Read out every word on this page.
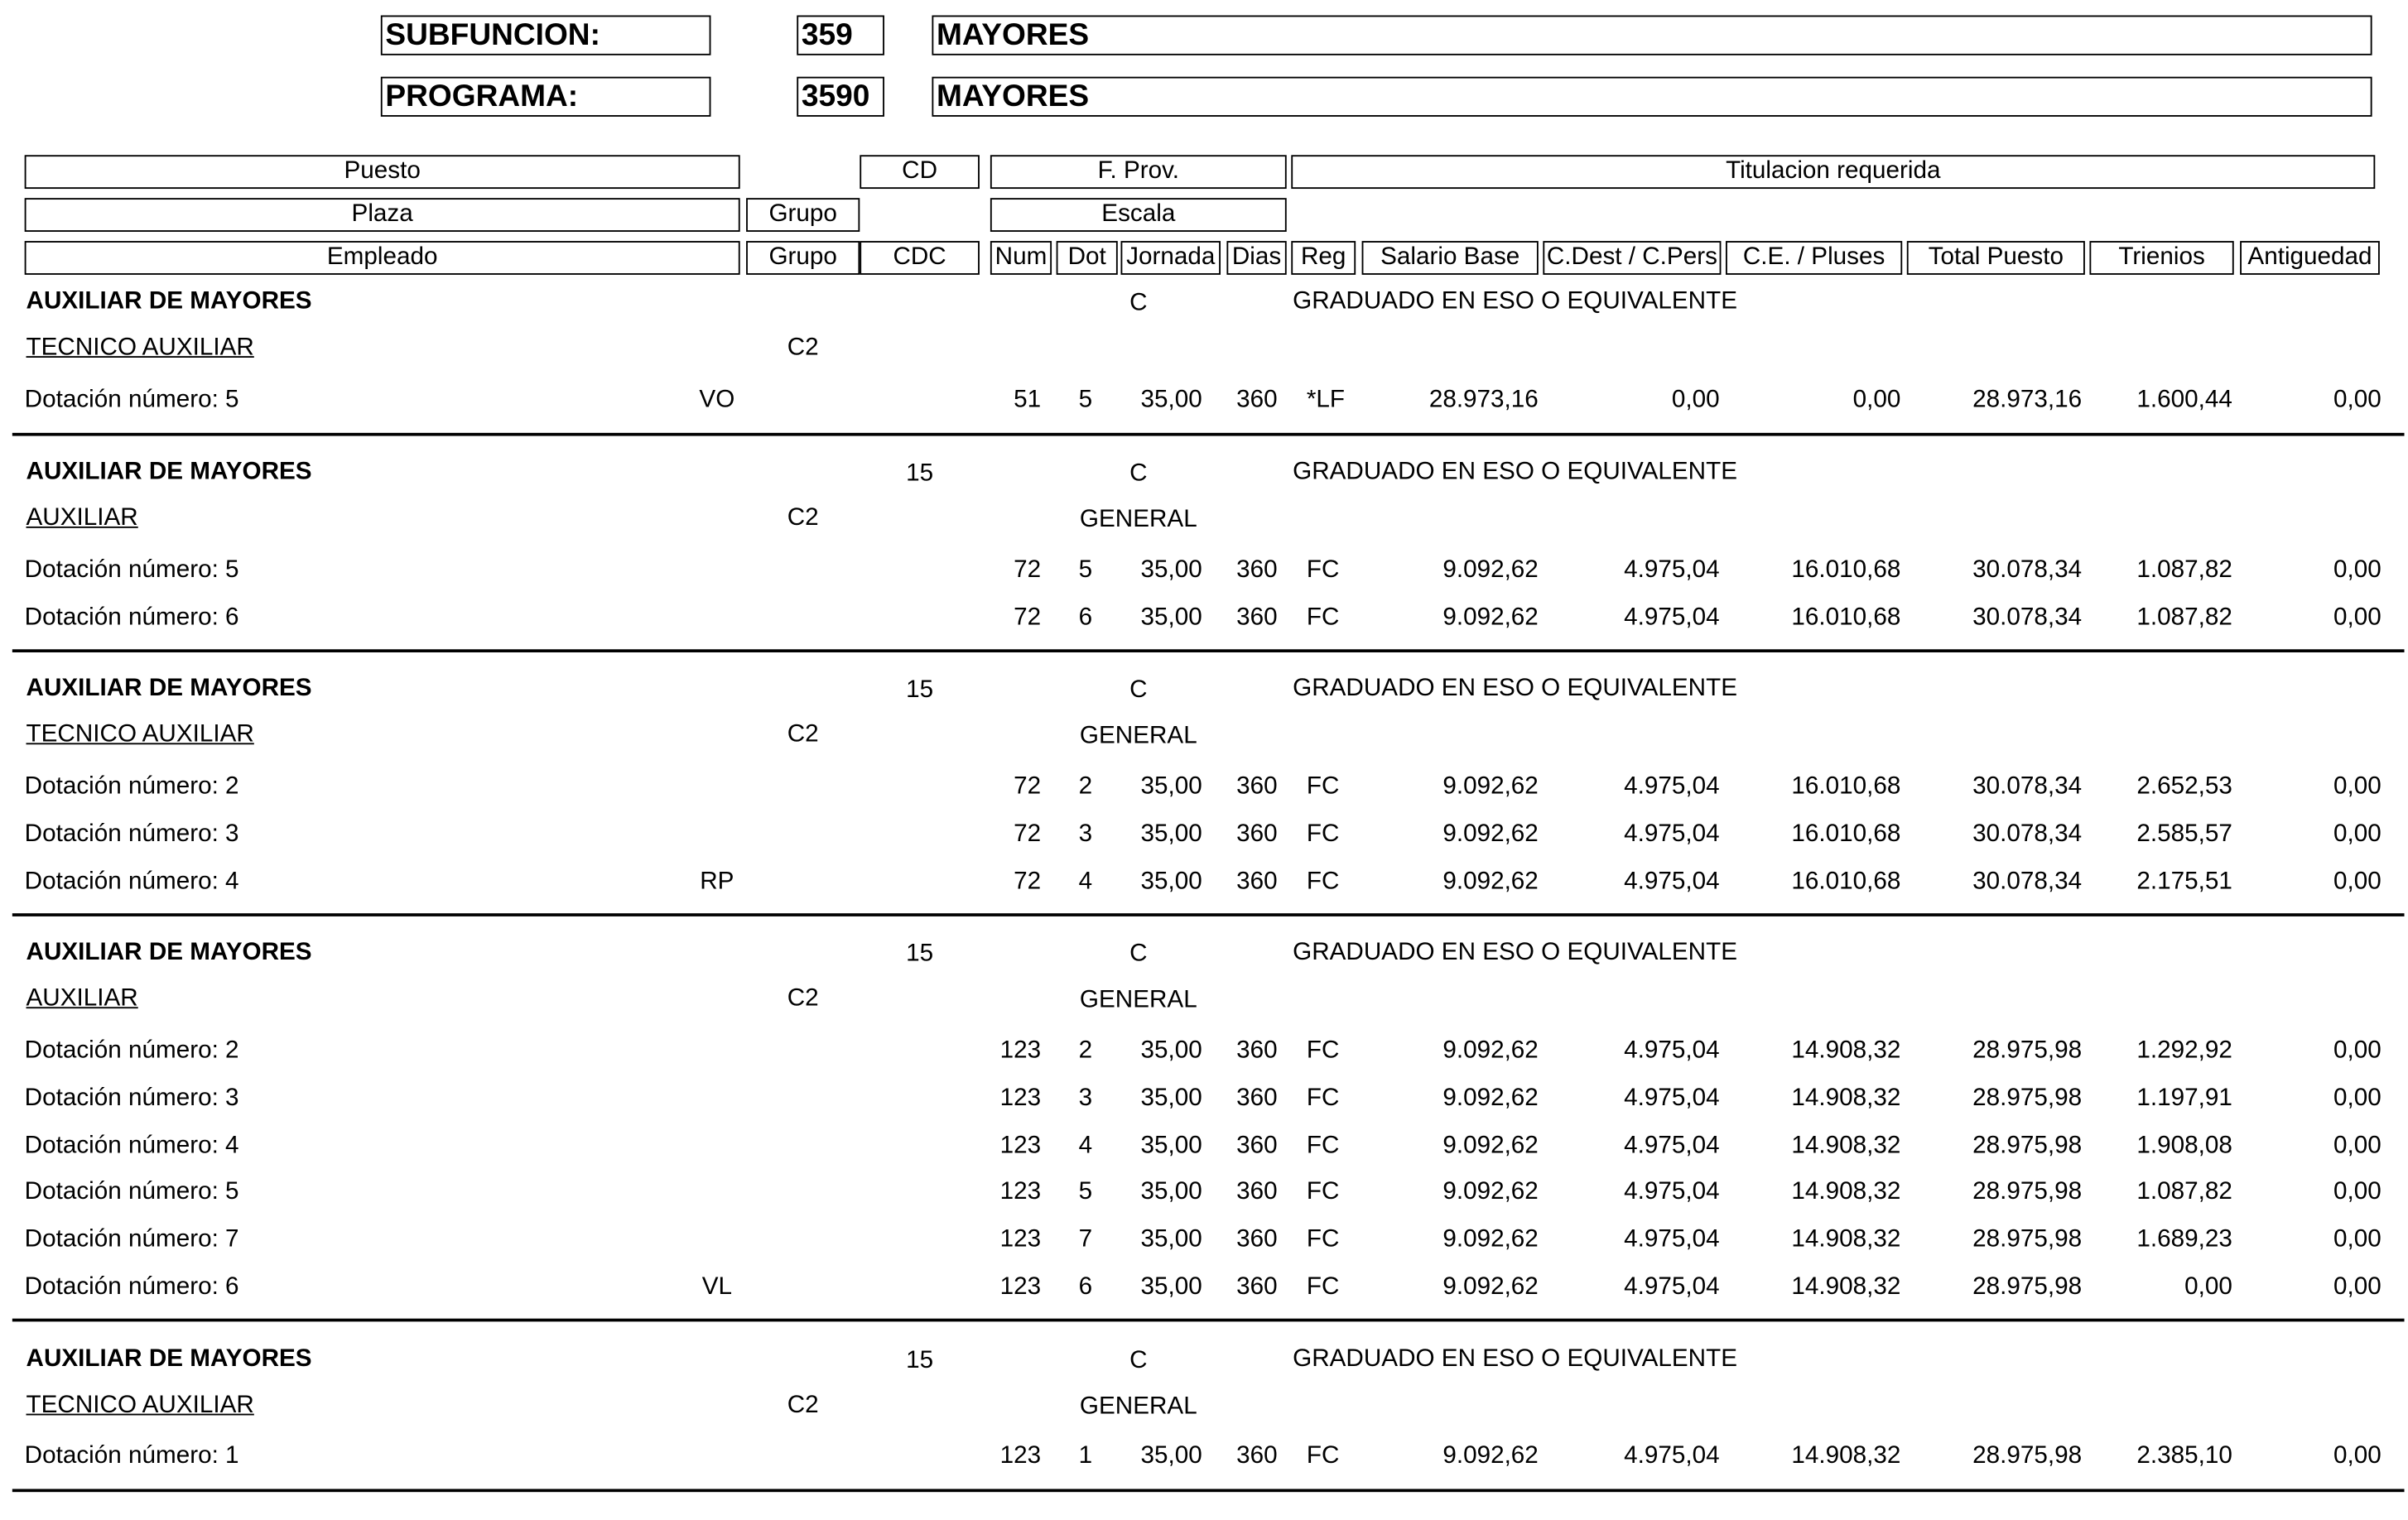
SUBFUNCION:	359	MAYORES
PROGRAMA:	3590	MAYORES
Puesto	CD	F. Prov.	Titulacion requerida
Plaza	Grupo	Escala
Empleado	Grupo	CDC	Num	Dot	Jornada	Dias	Reg	Salario Base	C.Dest / C.Pers	C.E. / Pluses	Total Puesto	Trienios	Antiguedad
AUXILIAR DE MAYORES	C	GRADUADO EN ESO O EQUIVALENTE
TECNICO AUXILIAR	C2
Dotación número: 5	VO	51	5	35,00	360 *LF	28.973,16	0,00	0,00	28.973,16	1.600,44	0,00
AUXILIAR DE MAYORES	15	C	GRADUADO EN ESO O EQUIVALENTE
AUXILIAR	C2	GENERAL
Dotación número: 5	72	5	35,00	360 FC	9.092,62	4.975,04	16.010,68	30.078,34	1.087,82	0,00
Dotación número: 6	72	6	35,00	360 FC	9.092,62	4.975,04	16.010,68	30.078,34	1.087,82	0,00
AUXILIAR DE MAYORES	15	C	GRADUADO EN ESO O EQUIVALENTE
TECNICO AUXILIAR	C2	GENERAL
Dotación número: 2	72	2	35,00	360 FC	9.092,62	4.975,04	16.010,68	30.078,34	2.652,53	0,00
Dotación número: 3	72	3	35,00	360 FC	9.092,62	4.975,04	16.010,68	30.078,34	2.585,57	0,00
Dotación número: 4	RP	72	4	35,00	360 FC	9.092,62	4.975,04	16.010,68	30.078,34	2.175,51	0,00
AUXILIAR DE MAYORES	15	C	GRADUADO EN ESO O EQUIVALENTE
AUXILIAR	C2	GENERAL
Dotación número: 2	123	2	35,00	360 FC	9.092,62	4.975,04	14.908,32	28.975,98	1.292,92	0,00
Dotación número: 3	123	3	35,00	360 FC	9.092,62	4.975,04	14.908,32	28.975,98	1.197,91	0,00
Dotación número: 4	123	4	35,00	360 FC	9.092,62	4.975,04	14.908,32	28.975,98	1.908,08	0,00
Dotación número: 5	123	5	35,00	360 FC	9.092,62	4.975,04	14.908,32	28.975,98	1.087,82	0,00
Dotación número: 7	123	7	35,00	360 FC	9.092,62	4.975,04	14.908,32	28.975,98	1.689,23	0,00
Dotación número: 6	VL	123	6	35,00	360 FC	9.092,62	4.975,04	14.908,32	28.975,98	0,00	0,00
AUXILIAR DE MAYORES	15	C	GRADUADO EN ESO O EQUIVALENTE
TECNICO AUXILIAR	C2	GENERAL
Dotación número: 1	123	1	35,00	360 FC	9.092,62	4.975,04	14.908,32	28.975,98	2.385,10	0,00
